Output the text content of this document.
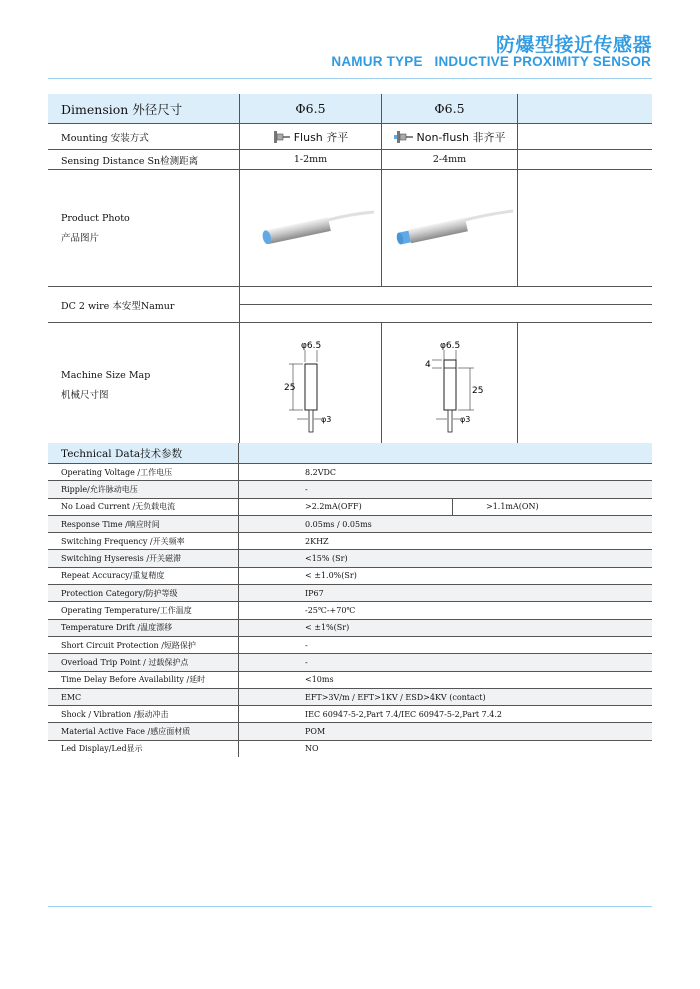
防爆型接近传感器
NAMUR TYPE   INDUCTIVE PROXIMITY SENSOR
Dimension 外径尺寸	Φ6.5	Φ6.5
Mounting 安装方式	Flush 齐平	Non-flush 非齐平
Sensing Distance Sn检测距离	1-2mm	2-4mm
Product Photo
产品图片
DC 2 wire 本安型Namur
Machine Size Map
机械尺寸图
φ6.5
25
φ3
φ6.5
4
25
φ3
Technical Data技术参数
Operating Voltage /工作电压	8.2VDC
Ripple/允许脉动电压	-
No Load Current /无负载电流	>2.2mA(OFF)	>1.1mA(ON)
Response Time /响应时间	0.05ms / 0.05ms
Switching Frequency /开关频率	2KHZ
Switching Hyseresis /开关磁滞	<15% (Sr)
Repeat Accuracy/重复精度	< ±1.0%(Sr)
Protection Category/防护等级	IP67
Operating Temperature/工作温度	-25℃-+70℃
Temperature Drift /温度漂移	< ±1%(Sr)
Short Circuit Protection /短路保护	-
Overload Trip Point / 过载保护点	-
Time Delay Before Availability /延时	<10ms
EMC	EFT>3V/m / EFT>1KV / ESD>4KV (contact)
Shock / Vibration /振动冲击	IEC 60947-5-2,Part 7.4/IEC 60947-5-2,Part 7.4.2
Material Active Face /感应面材质	POM
Led Display/Led显示	NO
